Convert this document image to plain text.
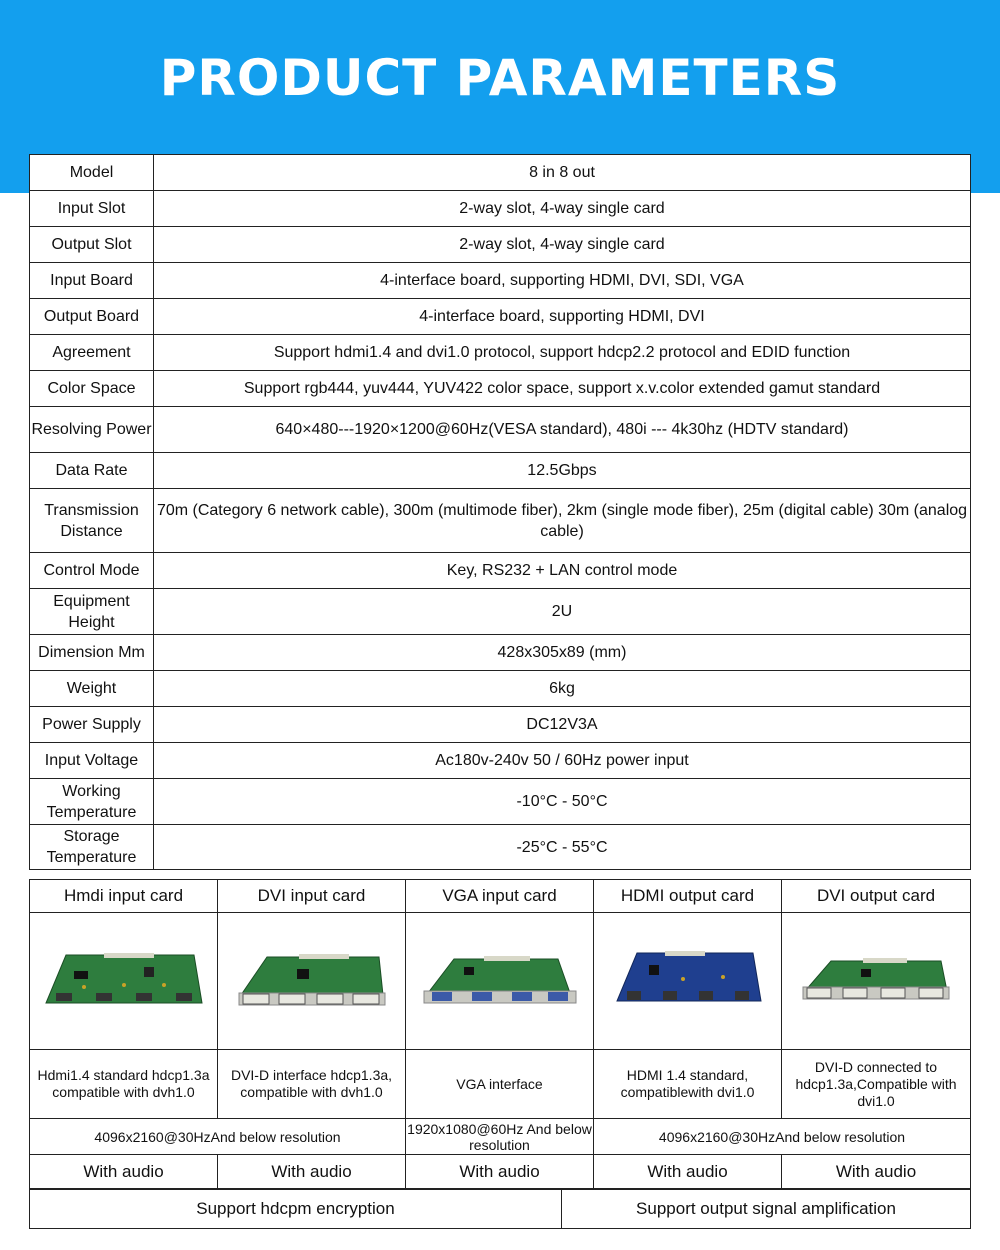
PRODUCT PARAMETERS
Model	8 in 8 out
Input Slot	2-way slot, 4-way single card
Output Slot	2-way slot, 4-way single card
Input Board	4-interface board, supporting HDMI, DVI, SDI, VGA
Output Board	4-interface board, supporting HDMI, DVI
Agreement	Support hdmi1.4 and dvi1.0 protocol, support hdcp2.2 protocol and EDID function
Color Space	Support rgb444, yuv444, YUV422 color space, support x.v.color extended gamut standard
Resolving Power	640×480---1920×1200@60Hz(VESA standard), 480i --- 4k30hz (HDTV standard)
Data Rate	12.5Gbps
Transmission Distance	70m (Category 6 network cable), 300m (multimode fiber), 2km (single mode fiber), 25m (digital cable) 30m (analog cable)
Control Mode	Key, RS232 + LAN control mode
Equipment Height	2U
Dimension Mm	428x305x89 (mm)
Weight	6kg
Power Supply	DC12V3A
Input Voltage	Ac180v-240v 50 / 60Hz power input
Working Temperature	-10°C - 50°C
Storage Temperature	-25°C - 55°C
Hmdi input card	DVI input card	VGA input card	HDMI output card	DVI output card

Hdmi1.4 standard hdcp1.3a compatible with dvh1.0	DVI-D interface hdcp1.3a, compatible with dvh1.0	VGA interface	HDMI 1.4 standard, compatiblewith dvi1.0	DVI-D connected to hdcp1.3a,Compatible with dvi1.0
4096x2160@30HzAnd below resolution		1920x1080@60Hz And below resolution	4096x2160@30HzAnd below resolution	
With audio	With audio	With audio	With audio	With audio
Support hdcpm encryption	Support output signal amplification
